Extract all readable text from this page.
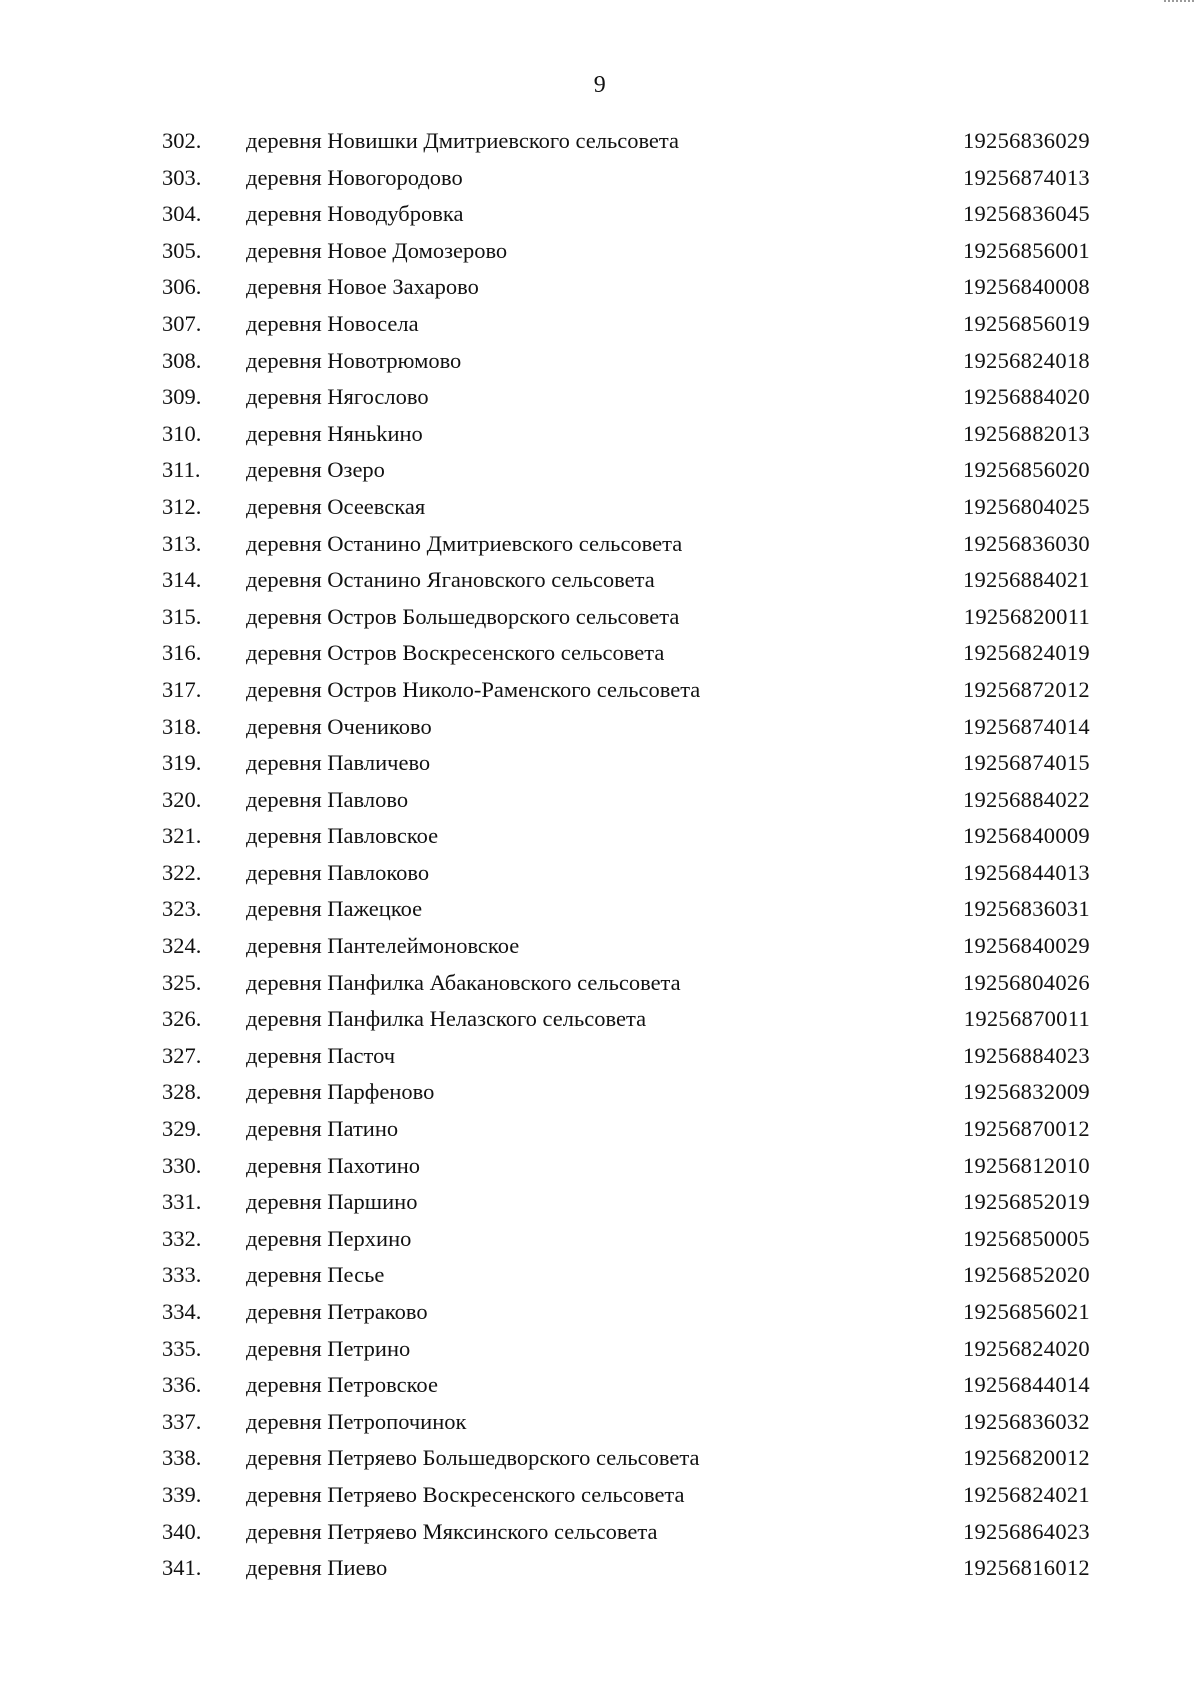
9
302.	деревня Новишки Дмитриевского сельсовета	19256836029
303.	деревня Новогородово	19256874013
304.	деревня Новодубровка	19256836045
305.	деревня Новое Домозерово	19256856001
306.	деревня Новое Захарово	19256840008
307.	деревня Новосела	19256856019
308.	деревня Новотрюмово	19256824018
309.	деревня Нягослово	19256884020
310.	деревня Няньkино	19256882013
311.	деревня Озеро	19256856020
312.	деревня Осеевская	19256804025
313.	деревня Останино Дмитриевского сельсовета	19256836030
314.	деревня Останино Ягановского сельсовета	19256884021
315.	деревня Остров Большедворского сельсовета	19256820011
316.	деревня Остров Воскресенского сельсовета	19256824019
317.	деревня Остров Николо-Раменского сельсовета	19256872012
318.	деревня Очениково	19256874014
319.	деревня Павличево	19256874015
320.	деревня Павлово	19256884022
321.	деревня Павловское	19256840009
322.	деревня Павлоково	19256844013
323.	деревня Пажецкое	19256836031
324.	деревня Пантелеймоновское	19256840029
325.	деревня Панфилка Абакановского сельсовета	19256804026
326.	деревня Панфилка Нелазского сельсовета	19256870011
327.	деревня Пасточ	19256884023
328.	деревня Парфеново	19256832009
329.	деревня Патино	19256870012
330.	деревня Пахотино	19256812010
331.	деревня Паршино	19256852019
332.	деревня Перхино	19256850005
333.	деревня Песье	19256852020
334.	деревня Петраково	19256856021
335.	деревня Петрино	19256824020
336.	деревня Петровское	19256844014
337.	деревня Петропочинок	19256836032
338.	деревня Петряево Большедворского сельсовета	19256820012
339.	деревня Петряево Воскресенского сельсовета	19256824021
340.	деревня Петряево Мяксинского сельсовета	19256864023
341.	деревня Пиево	19256816012
